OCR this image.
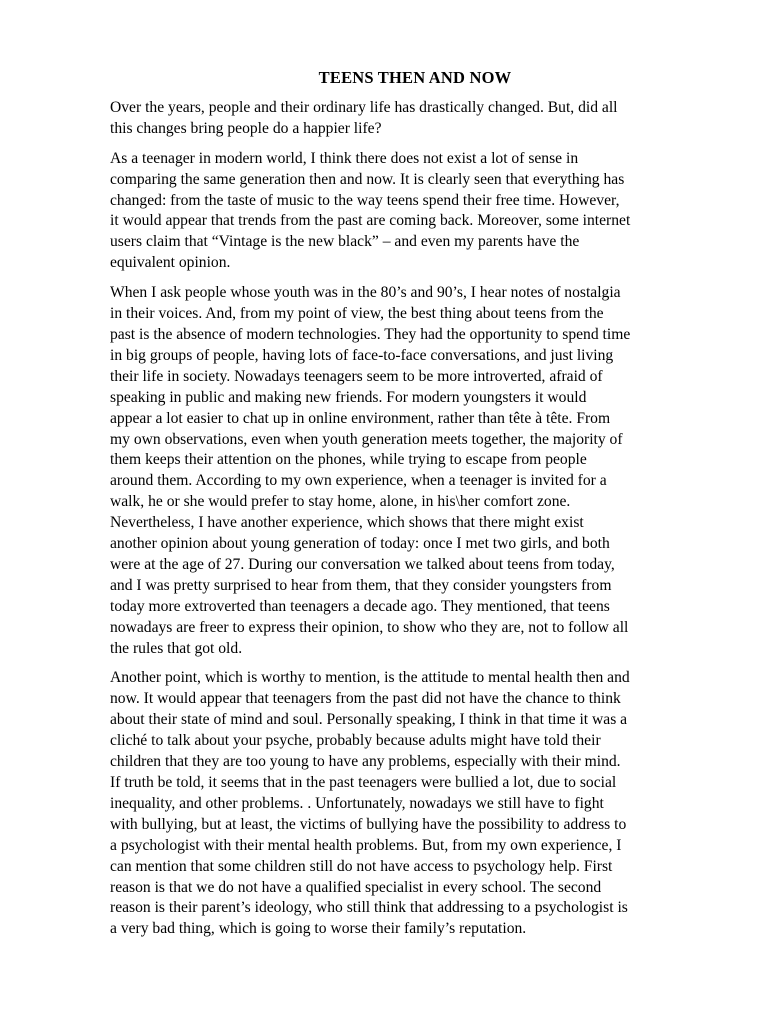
TEENS THEN AND NOW
Over the years, people and their ordinary life has drastically changed. But, did all
this changes bring people do a happier life?
As a teenager in modern world, I think there does not exist a lot of sense in
comparing the same generation then and now. It is clearly seen that everything has
changed: from the taste of music to the way teens spend their free time. However,
it would appear that trends from the past are coming back. Moreover, some internet
users claim that “Vintage is the new black” – and even my parents have the
equivalent opinion.
When I ask people whose youth was in the 80’s and 90’s, I hear notes of nostalgia
in their voices. And, from my point of view, the best thing about teens from the
past is the absence of modern technologies. They had the opportunity to spend time
in big groups of people, having lots of face-to-face conversations, and just living
their life in society. Nowadays teenagers seem to be more introverted, afraid of
speaking in public and making new friends. For modern youngsters it would
appear a lot easier to chat up in online environment, rather than tête à tête. From
my own observations, even when youth generation meets together, the majority of
them keeps their attention on the phones, while trying to escape from people
around them. According to my own experience, when a teenager is invited for a
walk, he or she would prefer to stay home, alone, in his\her comfort zone.
Nevertheless, I have another experience, which shows that there might exist
another opinion about young generation of today: once I met two girls, and both
were at the age of 27. During our conversation we talked about teens from today,
and I was pretty surprised to hear from them, that they consider youngsters from
today more extroverted than teenagers a decade ago. They mentioned, that teens
nowadays are freer to express their opinion, to show who they are, not to follow all
the rules that got old.
Another point, which is worthy to mention, is the attitude to mental health then and
now. It would appear that teenagers from the past did not have the chance to think
about their state of mind and soul. Personally speaking, I think in that time it was a
cliché to talk about your psyche, probably because adults might have told their
children that they are too young to have any problems, especially with their mind.
If truth be told, it seems that in the past teenagers were bullied a lot, due to social
inequality, and other problems. . Unfortunately, nowadays we still have to fight
with bullying, but at least, the victims of bullying have the possibility to address to
a psychologist with their mental health problems. But, from my own experience, I
can mention that some children still do not have access to psychology help. First
reason is that we do not have a qualified specialist in every school. The second
reason is their parent’s ideology, who still think that addressing to a psychologist is
a very bad thing, which is going to worse their family’s reputation.
